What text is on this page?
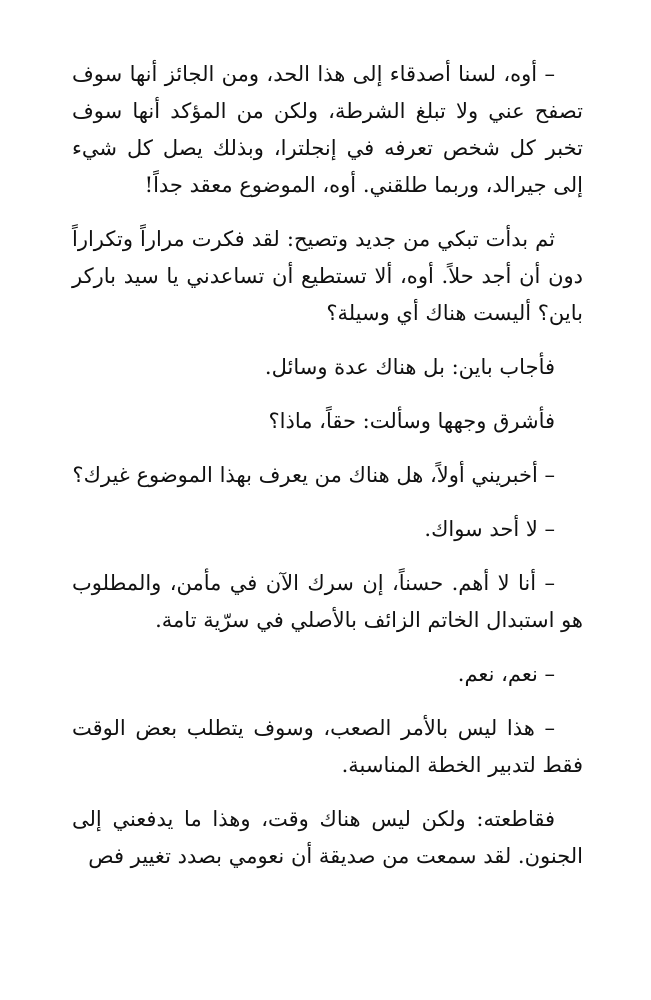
– أوه، لسنا أصدقاء إلى هذا الحد، ومن الجائز أنها سوف تصفح عني ولا تبلغ الشرطة، ولكن من المؤكد أنها سوف تخبر كل شخص تعرفه في إنجلترا، وبذلك يصل كل شيء إلى جيرالد، وربما طلقني. أوه، الموضوع معقد جداً!

ثم بدأت تبكي من جديد وتصيح: لقد فكرت مراراً وتكراراً دون أن أجد حلاً. أوه، ألا تستطيع أن تساعدني يا سيد باركر باين؟ أليست هناك أي وسيلة؟

فأجاب باين: بل هناك عدة وسائل.

فأشرق وجهها وسألت: حقاً، ماذا؟

– أخبريني أولاً، هل هناك من يعرف بهذا الموضوع غيرك؟

– لا أحد سواك.

– أنا لا أهم. حسناً، إن سرك الآن في مأمن، والمطلوب هو استبدال الخاتم الزائف بالأصلي في سرّية تامة.

– نعم، نعم.

– هذا ليس بالأمر الصعب، وسوف يتطلب بعض الوقت فقط لتدبير الخطة المناسبة.

فقاطعته: ولكن ليس هناك وقت، وهذا ما يدفعني إلى الجنون. لقد سمعت من صديقة أن نعومي بصدد تغيير فص
